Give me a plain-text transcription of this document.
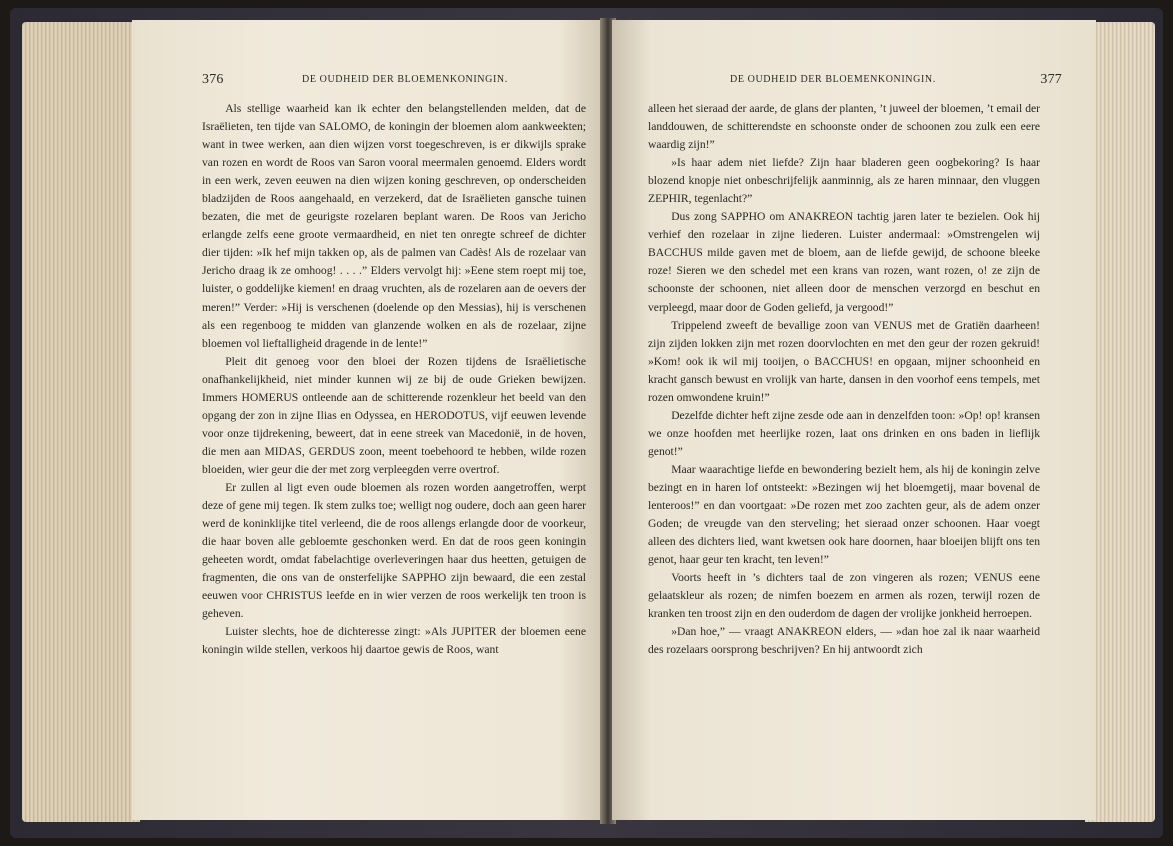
376	DE OUDHEID DER BLOEMENKONINGIN.

Als stellige waarheid kan ik echter den belangstellenden melden, dat de Israëlieten, ten tijde van SALOMO, de koningin der bloemen alom aankweekten; want in twee werken, aan dien wijzen vorst toegeschreven, is er dikwijls sprake van rozen en wordt de Roos van Saron vooral meermalen genoemd. Elders wordt in een werk, zeven eeuwen na dien wijzen koning geschreven, op onderscheiden bladzijden de Roos aangehaald, en verzekerd, dat de Israëlieten gansche tuinen bezaten, die met de geurigste rozelaren beplant waren. De Roos van Jericho erlangde zelfs eene groote vermaardheid, en niet ten onregte schreef de dichter dier tijden: »Ik hef mijn takken op, als de palmen van Cadès! Als de rozelaar van Jericho draag ik ze omhoog! . . . .” Elders vervolgt hij: »Eene stem roept mij toe, luister, o goddelijke kiemen! en draag vruchten, als de rozelaren aan de oevers der meren!” Verder: »Hij is verschenen (doelende op den Messias), hij is verschenen als een regenboog te midden van glanzende wolken en als de rozelaar, zijne bloemen vol lieftalligheid dragende in de lente!”

Pleit dit genoeg voor den bloei der Rozen tijdens de Israëlietische onafhankelijkheid, niet minder kunnen wij ze bij de oude Grieken bewijzen. Immers HOMERUS ontleende aan de schitterende rozenkleur het beeld van den opgang der zon in zijne Ilias en Odyssea, en HERODOTUS, vijf eeuwen levende voor onze tijdrekening, beweert, dat in eene streek van Macedonië, in de hoven, die men aan MIDAS, GERDUS zoon, meent toebehoord te hebben, wilde rozen bloeiden, wier geur die der met zorg verpleegden verre overtrof.

Er zullen al ligt even oude bloemen als rozen worden aangetroffen, werpt deze of gene mij tegen. Ik stem zulks toe; welligt nog oudere, doch aan geen harer werd de koninklijke titel verleend, die de roos allengs erlangde door de voorkeur, die haar boven alle gebloemte geschonken werd. En dat de roos geen koningin geheeten wordt, omdat fabelachtige overleveringen haar dus heetten, getuigen de fragmenten, die ons van de onsterfelijke SAPPHO zijn bewaard, die een zestal eeuwen voor CHRISTUS leefde en in wier verzen de roos werkelijk ten troon is geheven.

Luister slechts, hoe de dichteresse zingt: »Als JUPITER der bloemen eene koningin wilde stellen, verkoos hij daartoe gewis de Roos, want

DE OUDHEID DER BLOEMENKONINGIN.	377

alleen het sieraad der aarde, de glans der planten, ’t juweel der bloemen, ’t email der landdouwen, de schitterendste en schoonste onder de schoonen zou zulk een eere waardig zijn!”

»Is haar adem niet liefde? Zijn haar bladeren geen oogbekoring? Is haar blozend knopje niet onbeschrijfelijk aanminnig, als ze haren minnaar, den vluggen ZEPHIR, tegenlacht?”

Dus zong SAPPHO om ANAKREON tachtig jaren later te bezielen. Ook hij verhief den rozelaar in zijne liederen. Luister andermaal: »Omstrengelen wij BACCHUS milde gaven met de bloem, aan de liefde gewijd, de schoone bleeke roze! Sieren we den schedel met een krans van rozen, want rozen, o! ze zijn de schoonste der schoonen, niet alleen door de menschen verzorgd en beschut en verpleegd, maar door de Goden geliefd, ja vergood!”

Trippelend zweeft de bevallige zoon van VENUS met de Gratiën daarheen! zijn zijden lokken zijn met rozen doorvlochten en met den geur der rozen gekruid! »Kom! ook ik wil mij tooijen, o BACCHUS! en opgaan, mijner schoonheid en kracht gansch bewust en vrolijk van harte, dansen in den voorhof eens tempels, met rozen omwondene kruin!”

Dezelfde dichter heft zijne zesde ode aan in denzelfden toon: »Op! op! kransen we onze hoofden met heerlijke rozen, laat ons drinken en ons baden in lieflijk genot!”

Maar waarachtige liefde en bewondering bezielt hem, als hij de koningin zelve bezingt en in haren lof ontsteekt: »Bezingen wij het bloemgetij, maar bovenal de lenteroos!” en dan voortgaat: »De rozen met zoo zachten geur, als de adem onzer Goden; de vreugde van den sterveling; het sieraad onzer schoonen. Haar voegt alleen des dichters lied, want kwetsen ook hare doornen, haar bloeijen blijft ons ten genot, haar geur ten kracht, ten leven!”

Voorts heeft in ’s dichters taal de zon vingeren als rozen; VENUS eene gelaatskleur als rozen; de nimfen boezem en armen als rozen, terwijl rozen de kranken ten troost zijn en den ouderdom de dagen der vrolijke jonkheid herroepen.

»Dan hoe,” — vraagt ANAKREON elders, — »dan hoe zal ik naar waarheid des rozelaars oorsprong beschrijven? En hij antwoordt zich
